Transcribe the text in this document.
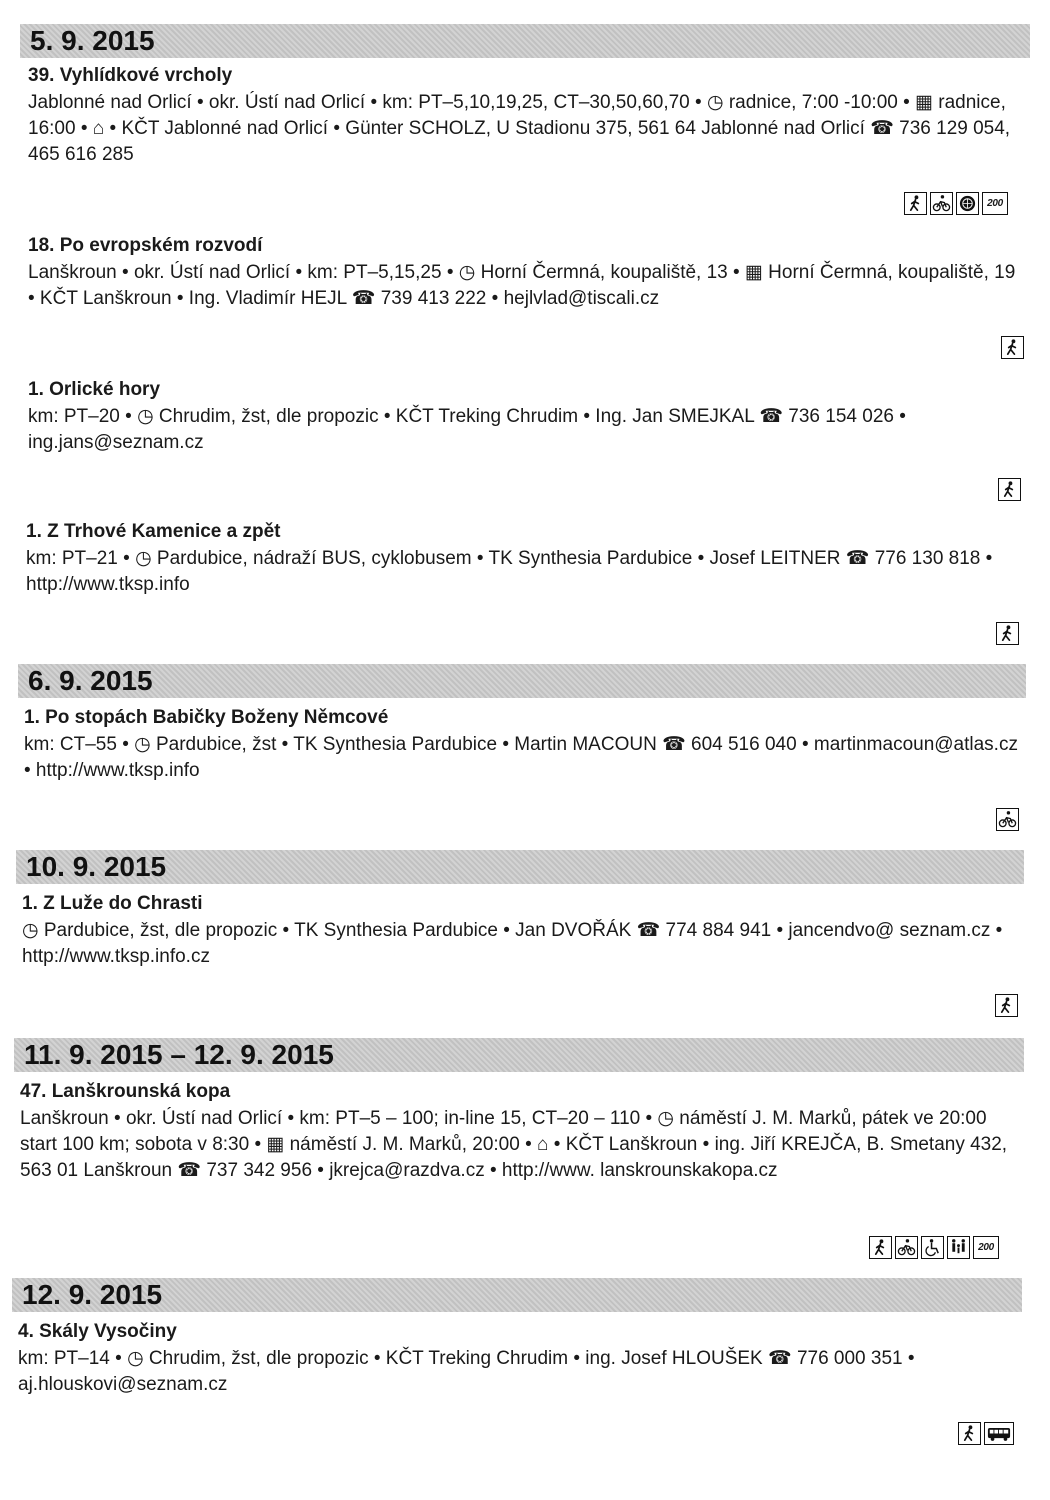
5. 9. 2015

39. Vyhlídkové vrcholy

Jablonné nad Orlicí • okr. Ústí nad Orlicí • km: PT–5,10,19,25, CT–30,50,60,70 • ◷ radnice, 7:00 -10:00 • ▦ radnice, 16:00 • ⌂ • KČT Jablonné nad Orlicí • Günter SCHOLZ, U Stadionu 375, 561 64 Jablonné nad Orlicí ☎ 736 129 054, 465 616 285

200

18. Po evropském rozvodí

Lanškroun • okr. Ústí nad Orlicí • km: PT–5,15,25 • ◷ Horní Čermná, koupaliště, 13 • ▦ Horní Čermná, koupaliště, 19 • KČT Lanškroun • Ing. Vladimír HEJL ☎ 739 413 222 • hejlvlad@tiscali.cz

1. Orlické hory

km: PT–20 • ◷ Chrudim, žst, dle propozic • KČT Treking Chrudim • Ing. Jan SMEJKAL ☎ 736 154 026 • ing.jans@seznam.cz

1. Z Trhové Kamenice a zpět

km: PT–21 • ◷ Pardubice, nádraží BUS, cyklobusem • TK Synthesia Pardubice • Josef LEITNER ☎ 776 130 818 • http://www.tksp.info

6. 9. 2015

1. Po stopách Babičky Boženy Němcové

km: CT–55 • ◷ Pardubice, žst • TK Synthesia Pardubice • Martin MACOUN ☎ 604 516 040 • martinmacoun@atlas.cz • http://www.tksp.info

10. 9. 2015

1. Z Luže do Chrasti

◷ Pardubice, žst, dle propozic • TK Synthesia Pardubice • Jan DVOŘÁK ☎ 774 884 941 • jancendvo@ seznam.cz • http://www.tksp.info.cz

11. 9. 2015 – 12. 9. 2015

47. Lanškrounská kopa

Lanškroun • okr. Ústí nad Orlicí • km: PT–5 – 100; in-line 15, CT–20 – 110 • ◷ náměstí J. M. Marků, pátek ve 20:00 start 100 km; sobota v 8:30 • ▦ náměstí J. M. Marků, 20:00 • ⌂ • KČT Lanškroun • ing. Jiří KREJČA, B. Smetany 432, 563 01 Lanškroun ☎ 737 342 956 • jkrejca@razdva.cz • http://www. lanskrounskakopa.cz

200
12. 9. 2015

4. Skály Vysočiny

km: PT–14 • ◷ Chrudim, žst, dle propozic • KČT Treking Chrudim • ing. Josef HLOUŠEK ☎ 776 000 351 • aj.hlouskovi@seznam.cz
